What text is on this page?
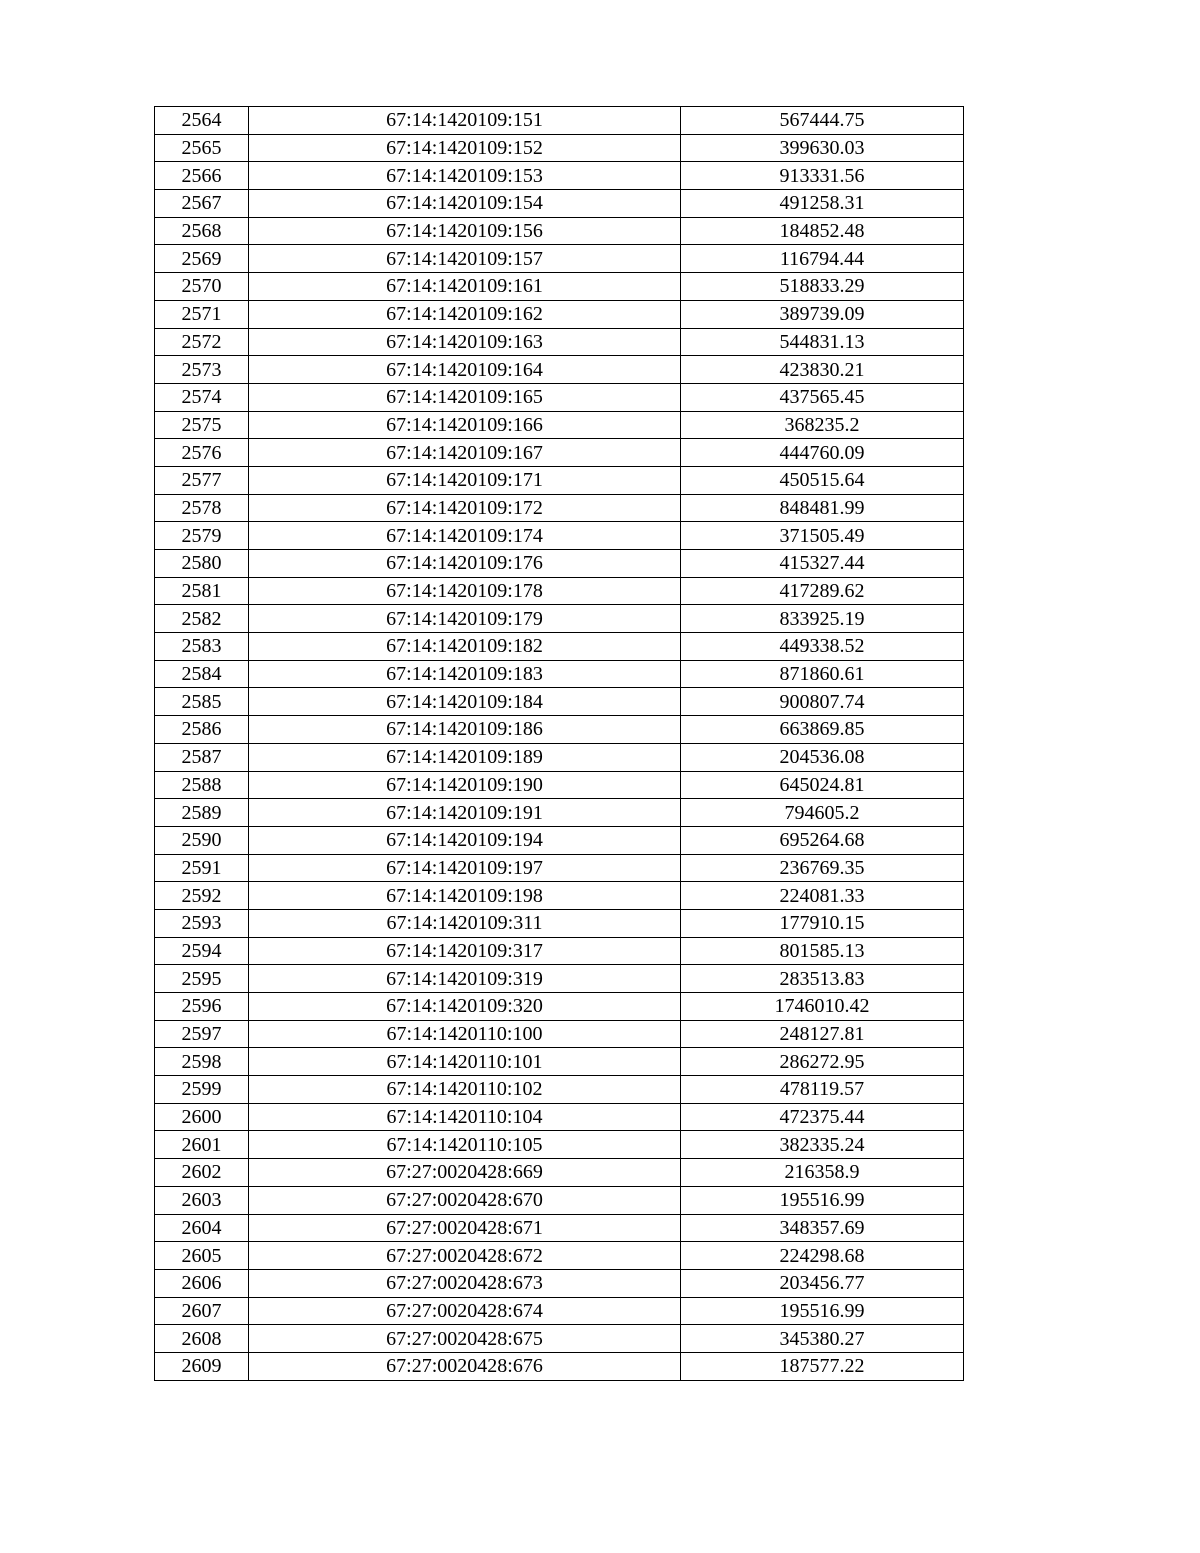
2564	67:14:1420109:151	567444.75
2565	67:14:1420109:152	399630.03
2566	67:14:1420109:153	913331.56
2567	67:14:1420109:154	491258.31
2568	67:14:1420109:156	184852.48
2569	67:14:1420109:157	116794.44
2570	67:14:1420109:161	518833.29
2571	67:14:1420109:162	389739.09
2572	67:14:1420109:163	544831.13
2573	67:14:1420109:164	423830.21
2574	67:14:1420109:165	437565.45
2575	67:14:1420109:166	368235.2
2576	67:14:1420109:167	444760.09
2577	67:14:1420109:171	450515.64
2578	67:14:1420109:172	848481.99
2579	67:14:1420109:174	371505.49
2580	67:14:1420109:176	415327.44
2581	67:14:1420109:178	417289.62
2582	67:14:1420109:179	833925.19
2583	67:14:1420109:182	449338.52
2584	67:14:1420109:183	871860.61
2585	67:14:1420109:184	900807.74
2586	67:14:1420109:186	663869.85
2587	67:14:1420109:189	204536.08
2588	67:14:1420109:190	645024.81
2589	67:14:1420109:191	794605.2
2590	67:14:1420109:194	695264.68
2591	67:14:1420109:197	236769.35
2592	67:14:1420109:198	224081.33
2593	67:14:1420109:311	177910.15
2594	67:14:1420109:317	801585.13
2595	67:14:1420109:319	283513.83
2596	67:14:1420109:320	1746010.42
2597	67:14:1420110:100	248127.81
2598	67:14:1420110:101	286272.95
2599	67:14:1420110:102	478119.57
2600	67:14:1420110:104	472375.44
2601	67:14:1420110:105	382335.24
2602	67:27:0020428:669	216358.9
2603	67:27:0020428:670	195516.99
2604	67:27:0020428:671	348357.69
2605	67:27:0020428:672	224298.68
2606	67:27:0020428:673	203456.77
2607	67:27:0020428:674	195516.99
2608	67:27:0020428:675	345380.27
2609	67:27:0020428:676	187577.22
